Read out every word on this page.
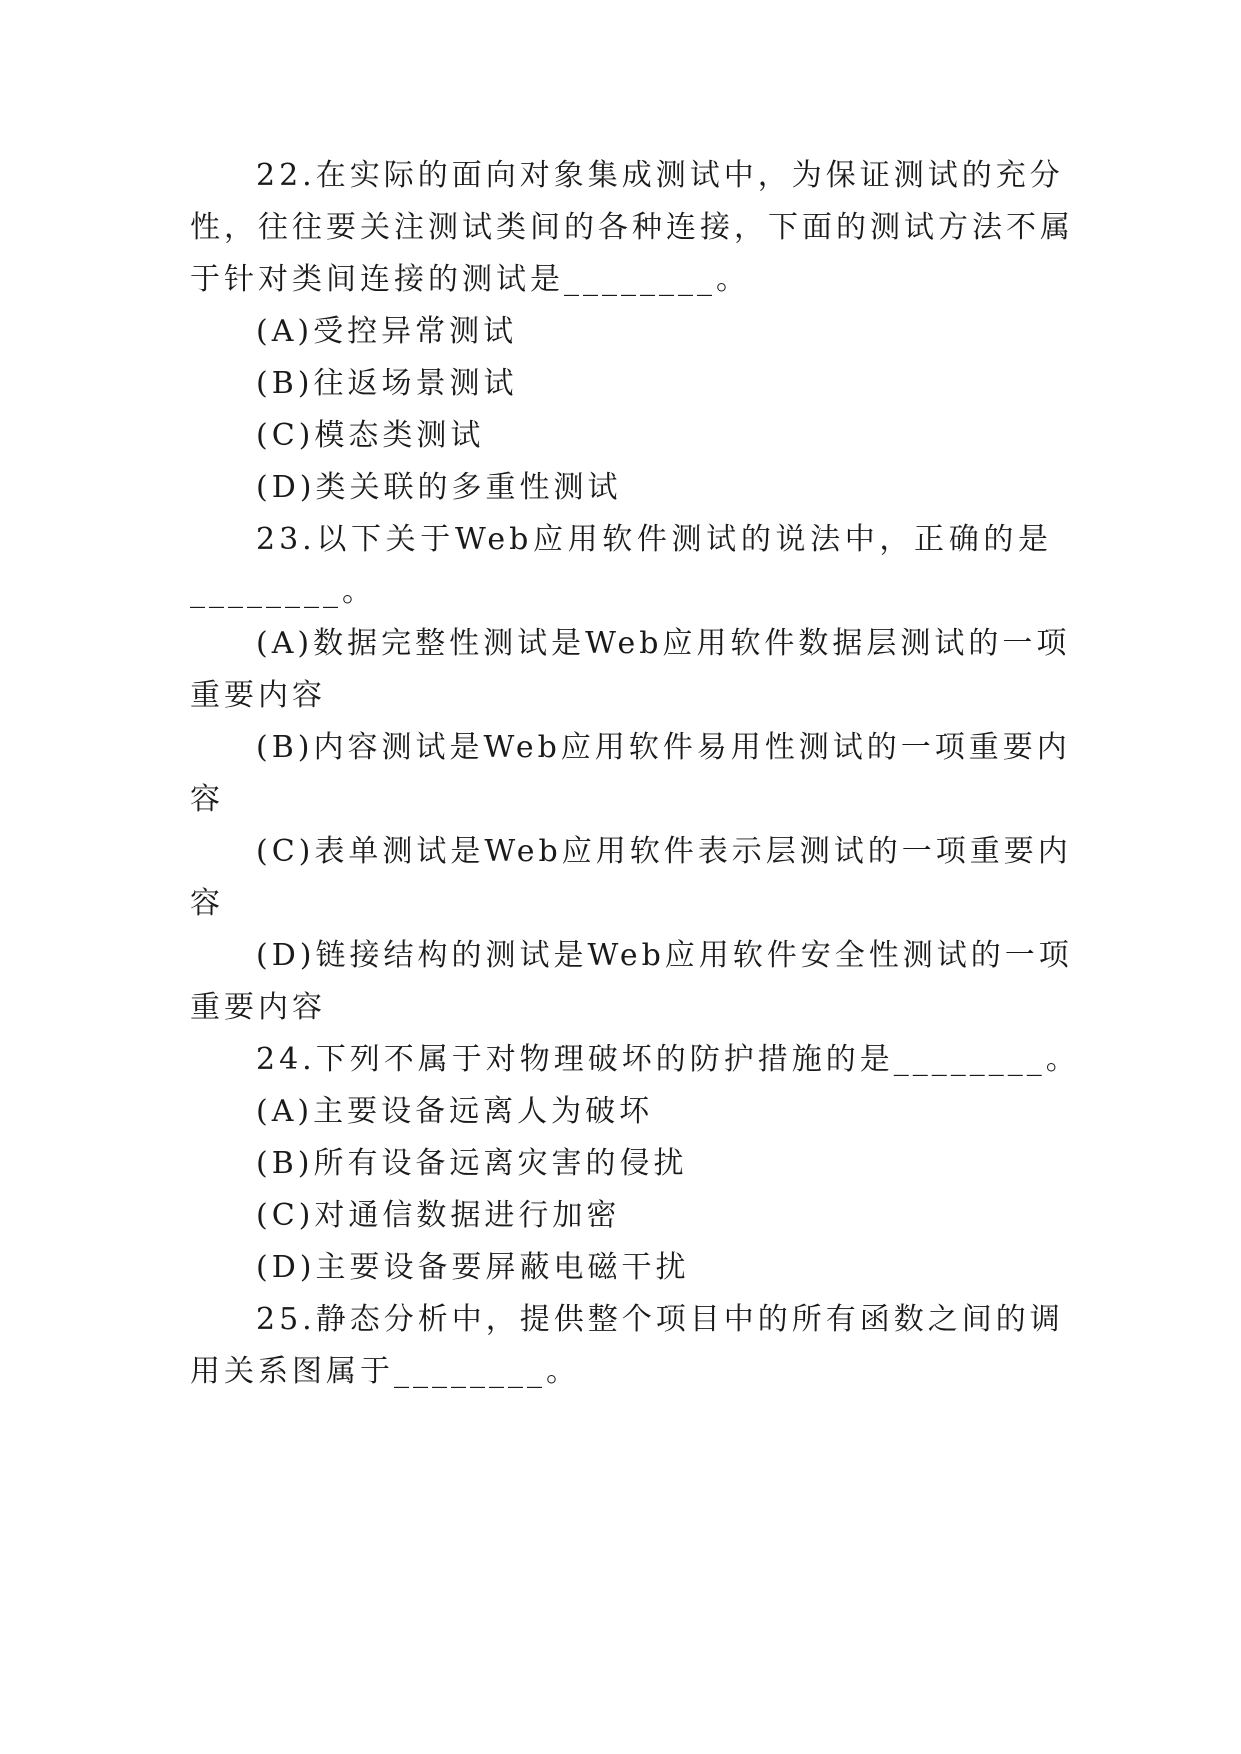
22.在实际的面向对象集成测试中，为保证测试的充分
性，往往要关注测试类间的各种连接，下面的测试方法不属
于针对类间连接的测试是________。
(A)受控异常测试
(B)往返场景测试
(C)模态类测试
(D)类关联的多重性测试
23.以下关于Web应用软件测试的说法中，正确的是
________。
(A)数据完整性测试是Web应用软件数据层测试的一项
重要内容
(B)内容测试是Web应用软件易用性测试的一项重要内
容
(C)表单测试是Web应用软件表示层测试的一项重要内
容
(D)链接结构的测试是Web应用软件安全性测试的一项
重要内容
24.下列不属于对物理破坏的防护措施的是________。
(A)主要设备远离人为破坏
(B)所有设备远离灾害的侵扰
(C)对通信数据进行加密
(D)主要设备要屏蔽电磁干扰
25.静态分析中，提供整个项目中的所有函数之间的调
用关系图属于________。
